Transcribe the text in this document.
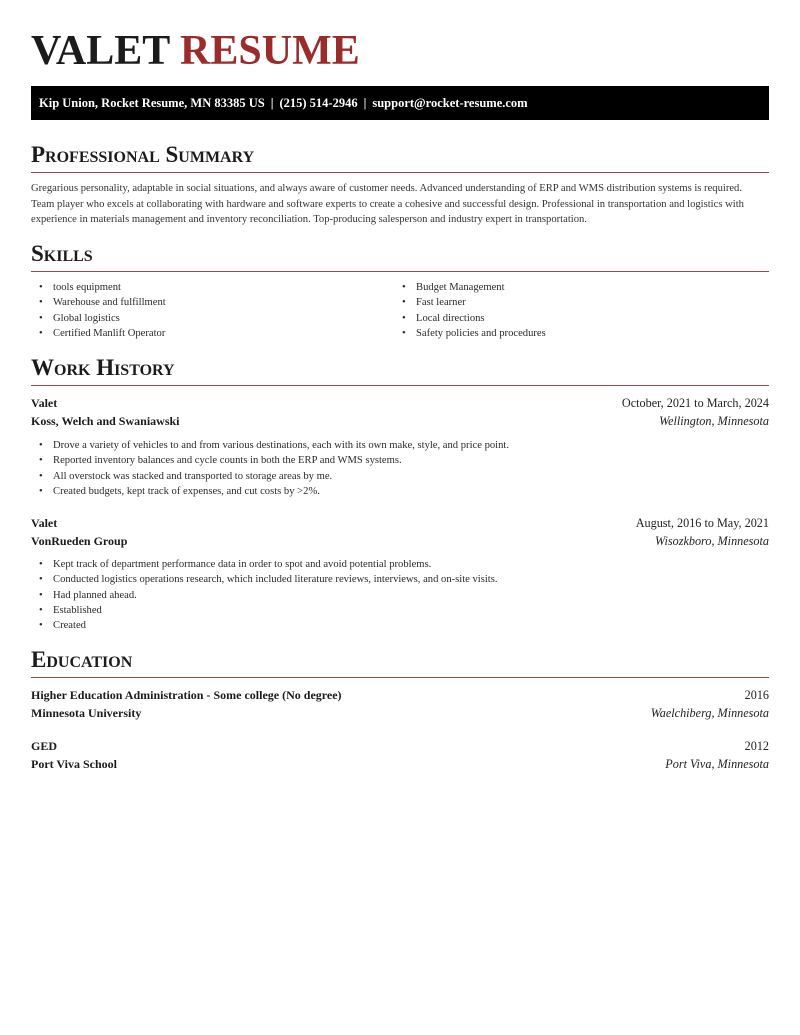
VALET RESUME
Kip Union, Rocket Resume, MN 83385 US | (215) 514-2946 | support@rocket-resume.com
Professional Summary

Gregarious personality, adaptable in social situations, and always aware of customer needs. Advanced understanding of ERP and WMS distribution systems is required. Team player who excels at collaborating with hardware and software experts to create a cohesive and successful design. Professional in transportation and logistics with experience in materials management and inventory reconciliation. Top-producing salesperson and industry expert in transportation.

Skills
• tools equipment
• Warehouse and fulfillment
• Global logistics
• Certified Manlift Operator
• Budget Management
• Fast learner
• Local directions
• Safety policies and procedures
Work History
Valet	October, 2021 to March, 2024
Koss, Welch and Swaniawski	Wellington, Minnesota
• Drove a variety of vehicles to and from various destinations, each with its own make, style, and price point.
• Reported inventory balances and cycle counts in both the ERP and WMS systems.
• All overstock was stacked and transported to storage areas by me.
• Created budgets, kept track of expenses, and cut costs by >2%.
Valet	August, 2016 to May, 2021
VonRueden Group	Wisozkboro, Minnesota
• Kept track of department performance data in order to spot and avoid potential problems.
• Conducted logistics operations research, which included literature reviews, interviews, and on-site visits.
• Had planned ahead.
• Established
• Created
Education
Higher Education Administration - Some college (No degree)	2016
Minnesota University	Waelchiberg, Minnesota
GED	2012
Port Viva School	Port Viva, Minnesota
